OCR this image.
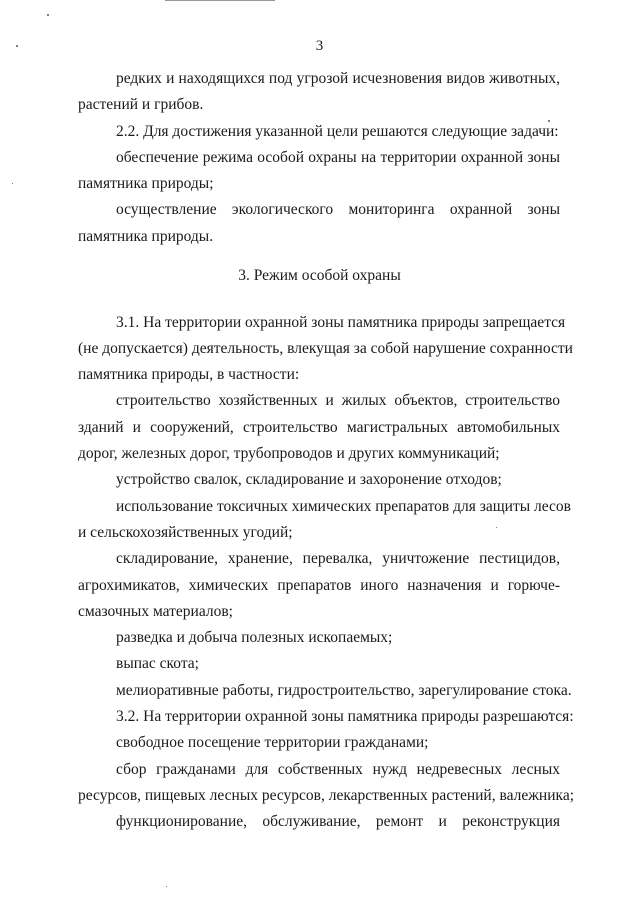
3
редких и находящихся под угрозой исчезновения видов животных,
растений и грибов.
2.2. Для достижения указанной цели решаются следующие задачи:
обеспечение режима особой охраны на территории охранной зоны
памятника природы;
осуществление экологического мониторинга охранной зоны
памятника природы.
3. Режим особой охраны
3.1. На территории охранной зоны памятника природы запрещается
(не допускается) деятельность, влекущая за собой нарушение сохранности
памятника природы, в частности:
строительство хозяйственных и жилых объектов, строительство
зданий и сооружений, строительство магистральных автомобильных
дорог, железных дорог, трубопроводов и других коммуникаций;
устройство свалок, складирование и захоронение отходов;
использование токсичных химических препаратов для защиты лесов
и сельскохозяйственных угодий;
складирование, хранение, перевалка, уничтожение пестицидов,
агрохимикатов, химических препаратов иного назначения и горюче-
смазочных материалов;
разведка и добыча полезных ископаемых;
выпас скота;
мелиоративные работы, гидростроительство, зарегулирование стока.
3.2. На территории охранной зоны памятника природы разрешаются:
свободное посещение территории гражданами;
сбор гражданами для собственных нужд недревесных лесных
ресурсов, пищевых лесных ресурсов, лекарственных растений, валежника;
функционирование, обслуживание, ремонт и реконструкция
